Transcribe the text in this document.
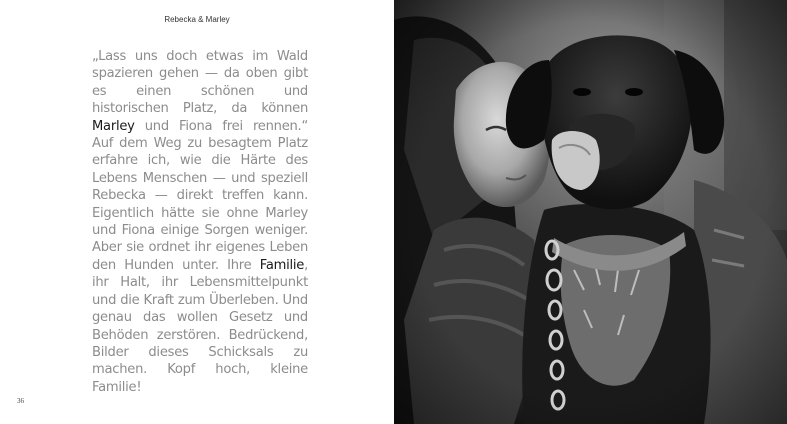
Rebecka & Marley
„Lass uns doch etwas im Wald spazieren gehen — da oben gibt es einen schönen und historischen Platz, da können Marley und Fiona frei rennen.“ Auf dem Weg zu besagtem Platz erfahre ich, wie die Härte des Lebens Menschen — und speziell Rebecka — direkt treffen kann. Eigentlich hätte sie ohne Marley und Fiona einige Sorgen weniger. Aber sie ordnet ihr eigenes Leben den Hunden unter. Ihre Familie, ihr Halt, ihr Lebensmittelpunkt und die Kraft zum Überleben. Und genau das wollen Gesetz und Behöden zerstören. Bedrückend, Bilder dieses Schicksals zu machen. Kopf hoch, kleine Familie!
36
